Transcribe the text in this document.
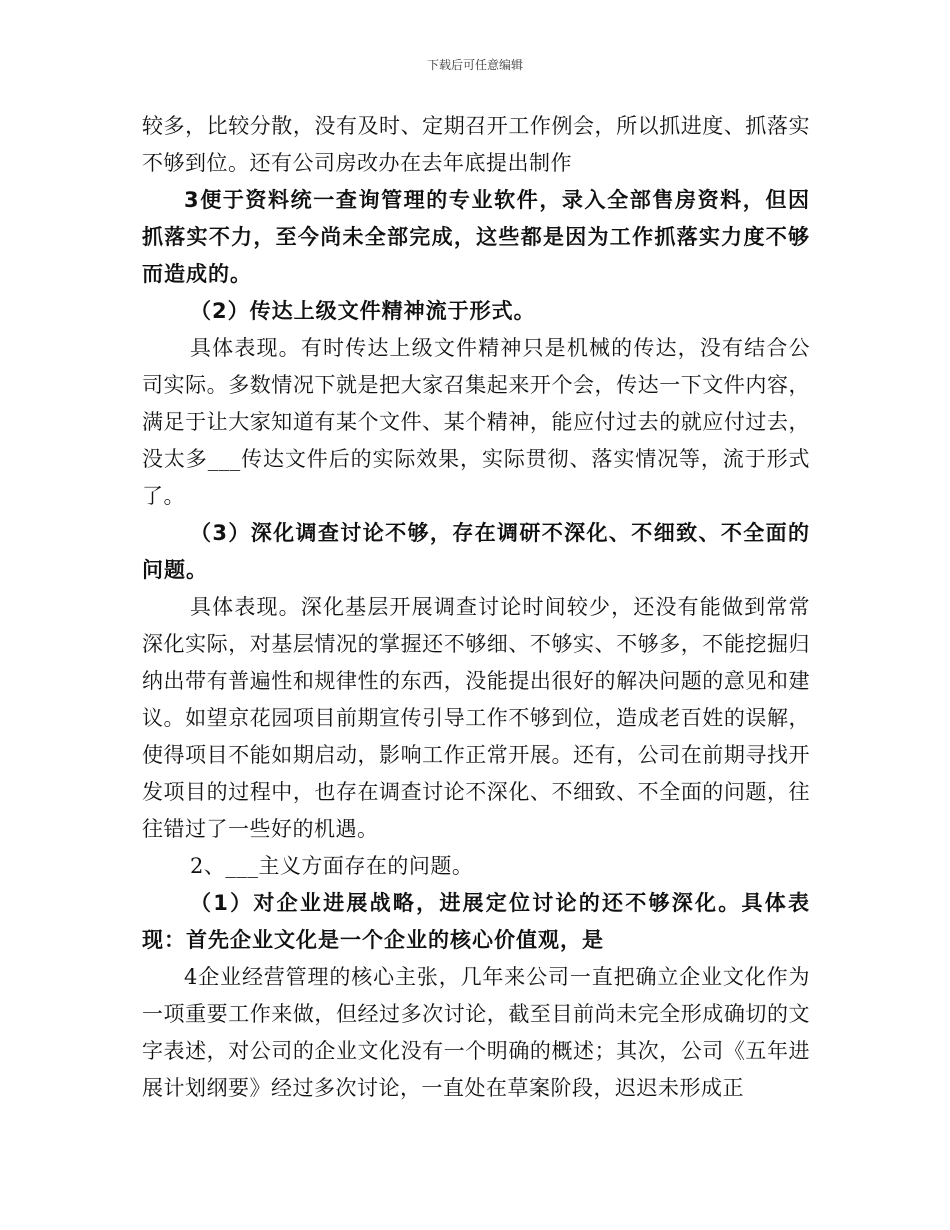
下载后可任意编辑

较多，比较分散，没有及时、定期召开工作例会，所以抓进度、抓落实不够到位。还有公司房改办在去年底提出制作

3便于资料统一查询管理的专业软件，录入全部售房资料，但因抓落实不力，至今尚未全部完成，这些都是因为工作抓落实力度不够而造成的。

（2）传达上级文件精神流于形式。

具体表现。有时传达上级文件精神只是机械的传达，没有结合公司实际。多数情况下就是把大家召集起来开个会，传达一下文件内容，满足于让大家知道有某个文件、某个精神，能应付过去的就应付过去，没太多___传达文件后的实际效果，实际贯彻、落实情况等，流于形式了。

（3）深化调查讨论不够，存在调研不深化、不细致、不全面的问题。

具体表现。深化基层开展调查讨论时间较少，还没有能做到常常深化实际，对基层情况的掌握还不够细、不够实、不够多，不能挖掘归纳出带有普遍性和规律性的东西，没能提出很好的解决问题的意见和建议。如望京花园项目前期宣传引导工作不够到位，造成老百姓的误解，使得项目不能如期启动，影响工作正常开展。还有，公司在前期寻找开发项目的过程中，也存在调查讨论不深化、不细致、不全面的问题，往往错过了一些好的机遇。

2、___主义方面存在的问题。

（1）对企业进展战略，进展定位讨论的还不够深化。具体表现：首先企业文化是一个企业的核心价值观，是

4企业经营管理的核心主张，几年来公司一直把确立企业文化作为一项重要工作来做，但经过多次讨论，截至目前尚未完全形成确切的文字表述，对公司的企业文化没有一个明确的概述；其次，公司《五年进展计划纲要》经过多次讨论，一直处在草案阶段，迟迟未形成正
